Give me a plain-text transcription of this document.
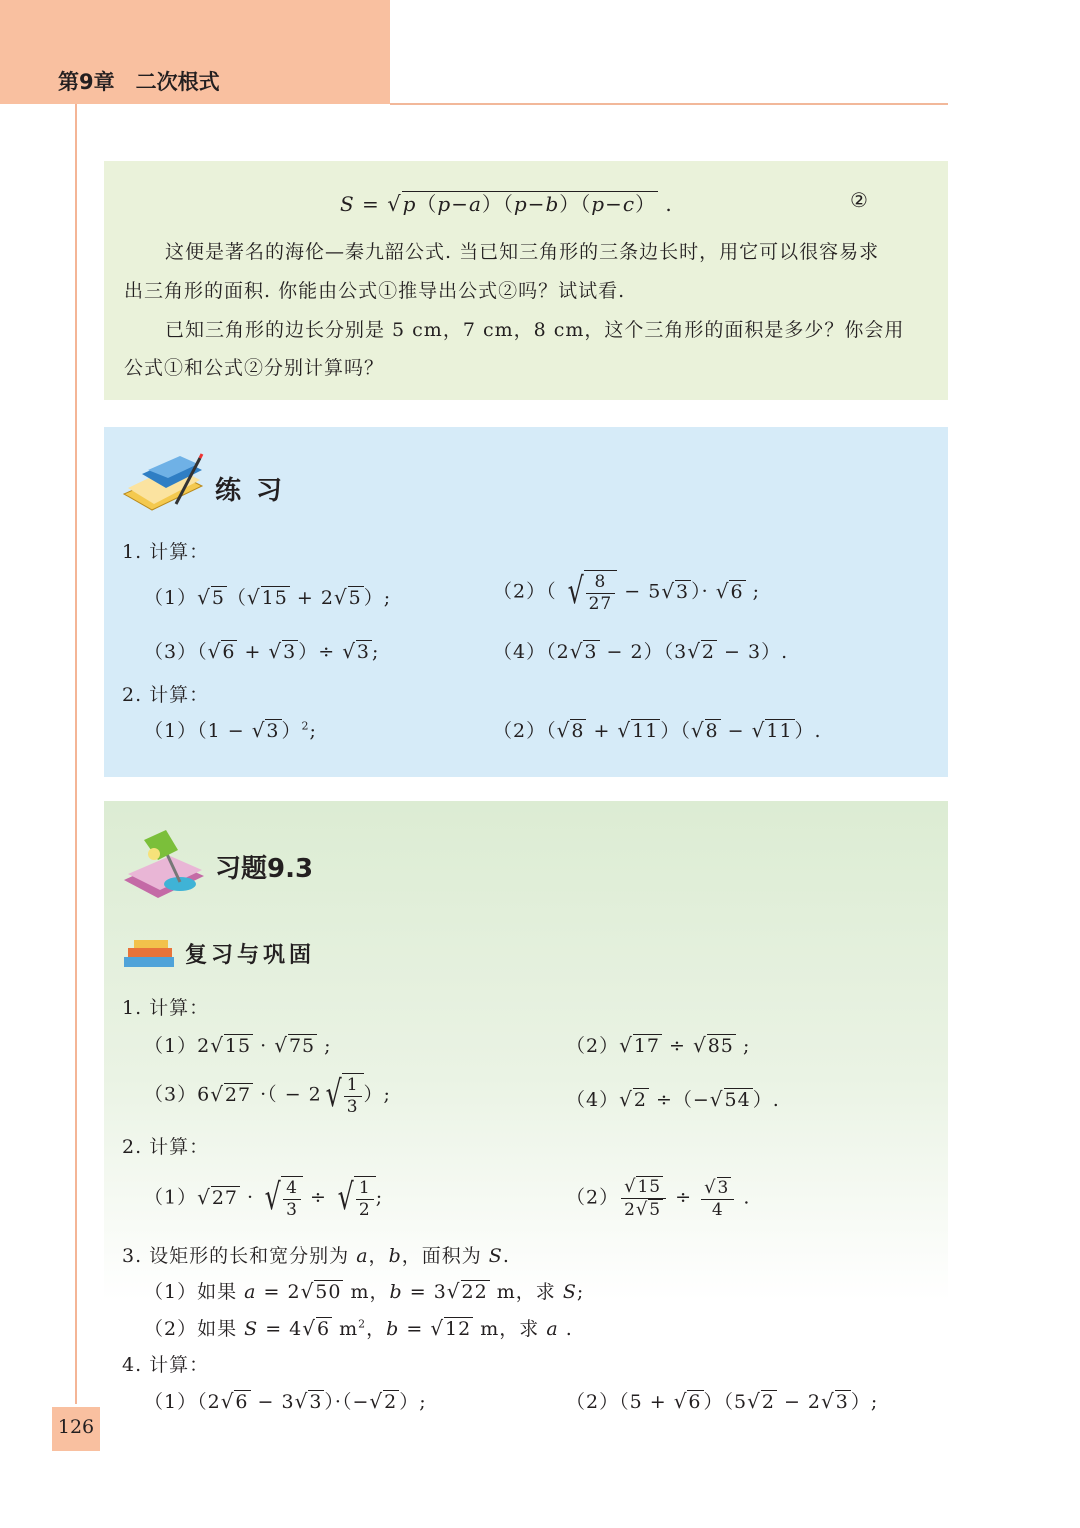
第9章　二次根式
S = √p（p−a）（p−b）（p−c） .	②
这便是著名的海伦—秦九韶公式. 当已知三角形的三条边长时，用它可以很容易求
出三角形的面积. 你能由公式①推导出公式②吗？试试看.
已知三角形的边长分别是 5 cm，7 cm，8 cm，这个三角形的面积是多少？你会用
公式①和公式②分别计算吗？
练 习
1. 计算：
（1）√5 （√15 + 2√5 ）;	（2）（ √ $\frac{8}{27} - 5√3$ ）· √6 ;
（3）（√6 + √3 ）÷ √3 ;	（4）（2√3 − 2）（3√2 − 3）.
2. 计算：
（1）（1 − √3 ）$^2$;	（2）（√8 + √11 ）（√8 − √11 ）.
习题9.3
复习与巩固
1. 计算：
（1）2√15 · √75 ;	（2）√17 ÷ √85 ;
（3）6√27 ·（ − 2 √ $\frac{1}{3}$ ）;	（4）√2 ÷（−√54 ）.
2. 计算：
（1）√27 · √ $\frac{4}{3}$ ÷ √ $\frac{1}{2}$ ;	$(2) \frac{√15}{2√5} \div \frac{√3}{4}$ .
3. 设矩形的长和宽分别为 a，b，面积为 S.
（1）如果 a = 2√50 m，b = 3√22 m，求 S;
（2）如果 S = 4√6 $m^2$，b = √12 m，求 a .
4. 计算：
（1）（2√6 − 3√3 ）·（−√2 ）;	（2）（5 + √6 ）（5√2 − 2√3 ）;
126
